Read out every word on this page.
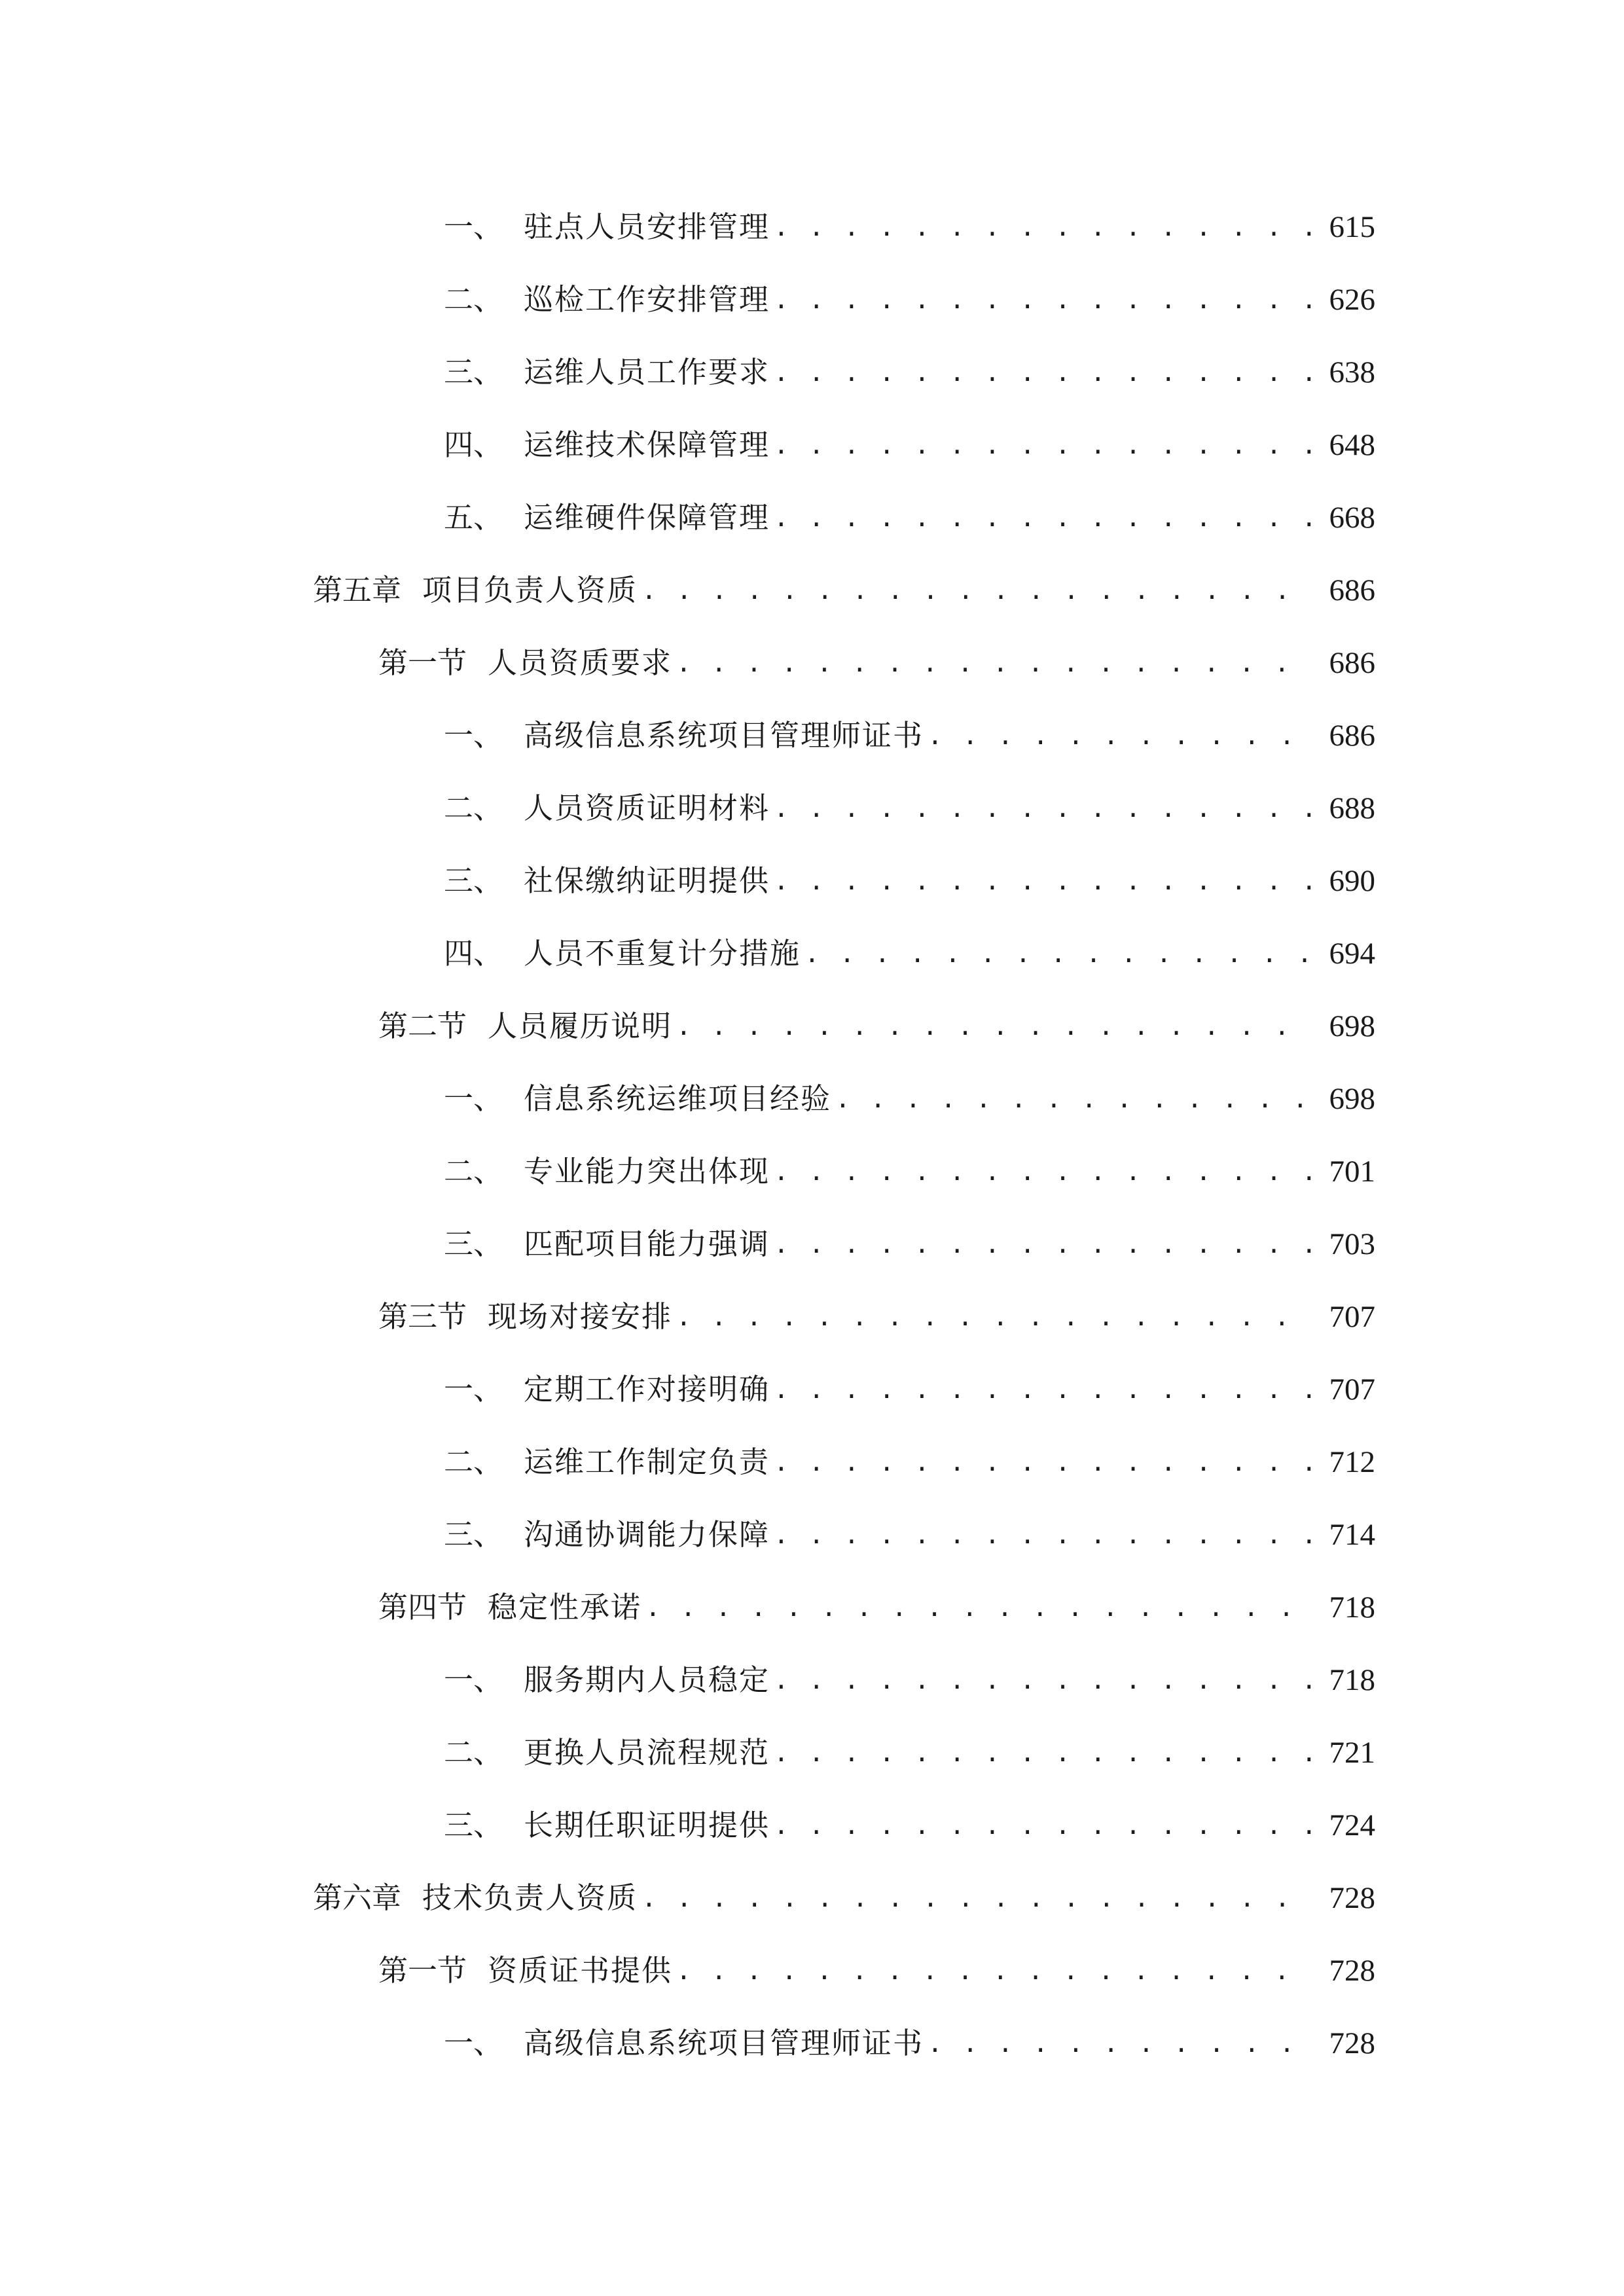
一、 驻点人员安排管理 . . .	615
二、 巡检工作安排管理 . . .	626
三、 运维人员工作要求 . . .	638
四、 运维技术保障管理 . . .	648
五、 运维硬件保障管理 . . .	668
第五章 项目负责人资质 . . .	686
第一节 人员资质要求 . . .	686
一、 高级信息系统项目管理师证书 . . .	686
二、 人员资质证明材料 . . .	688
三、 社保缴纳证明提供 . . .	690
四、 人员不重复计分措施 . . .	694
第二节 人员履历说明 . . .	698
一、 信息系统运维项目经验 . . .	698
二、 专业能力突出体现 . . .	701
三、 匹配项目能力强调 . . .	703
第三节 现场对接安排 . . .	707
一、 定期工作对接明确 . . .	707
二、 运维工作制定负责 . . .	712
三、 沟通协调能力保障 . . .	714
第四节 稳定性承诺 . . .	718
一、 服务期内人员稳定 . . .	718
二、 更换人员流程规范 . . .	721
三、 长期任职证明提供 . . .	724
第六章 技术负责人资质 . . .	728
第一节 资质证书提供 . . .	728
一、 高级信息系统项目管理师证书 . . .	728
